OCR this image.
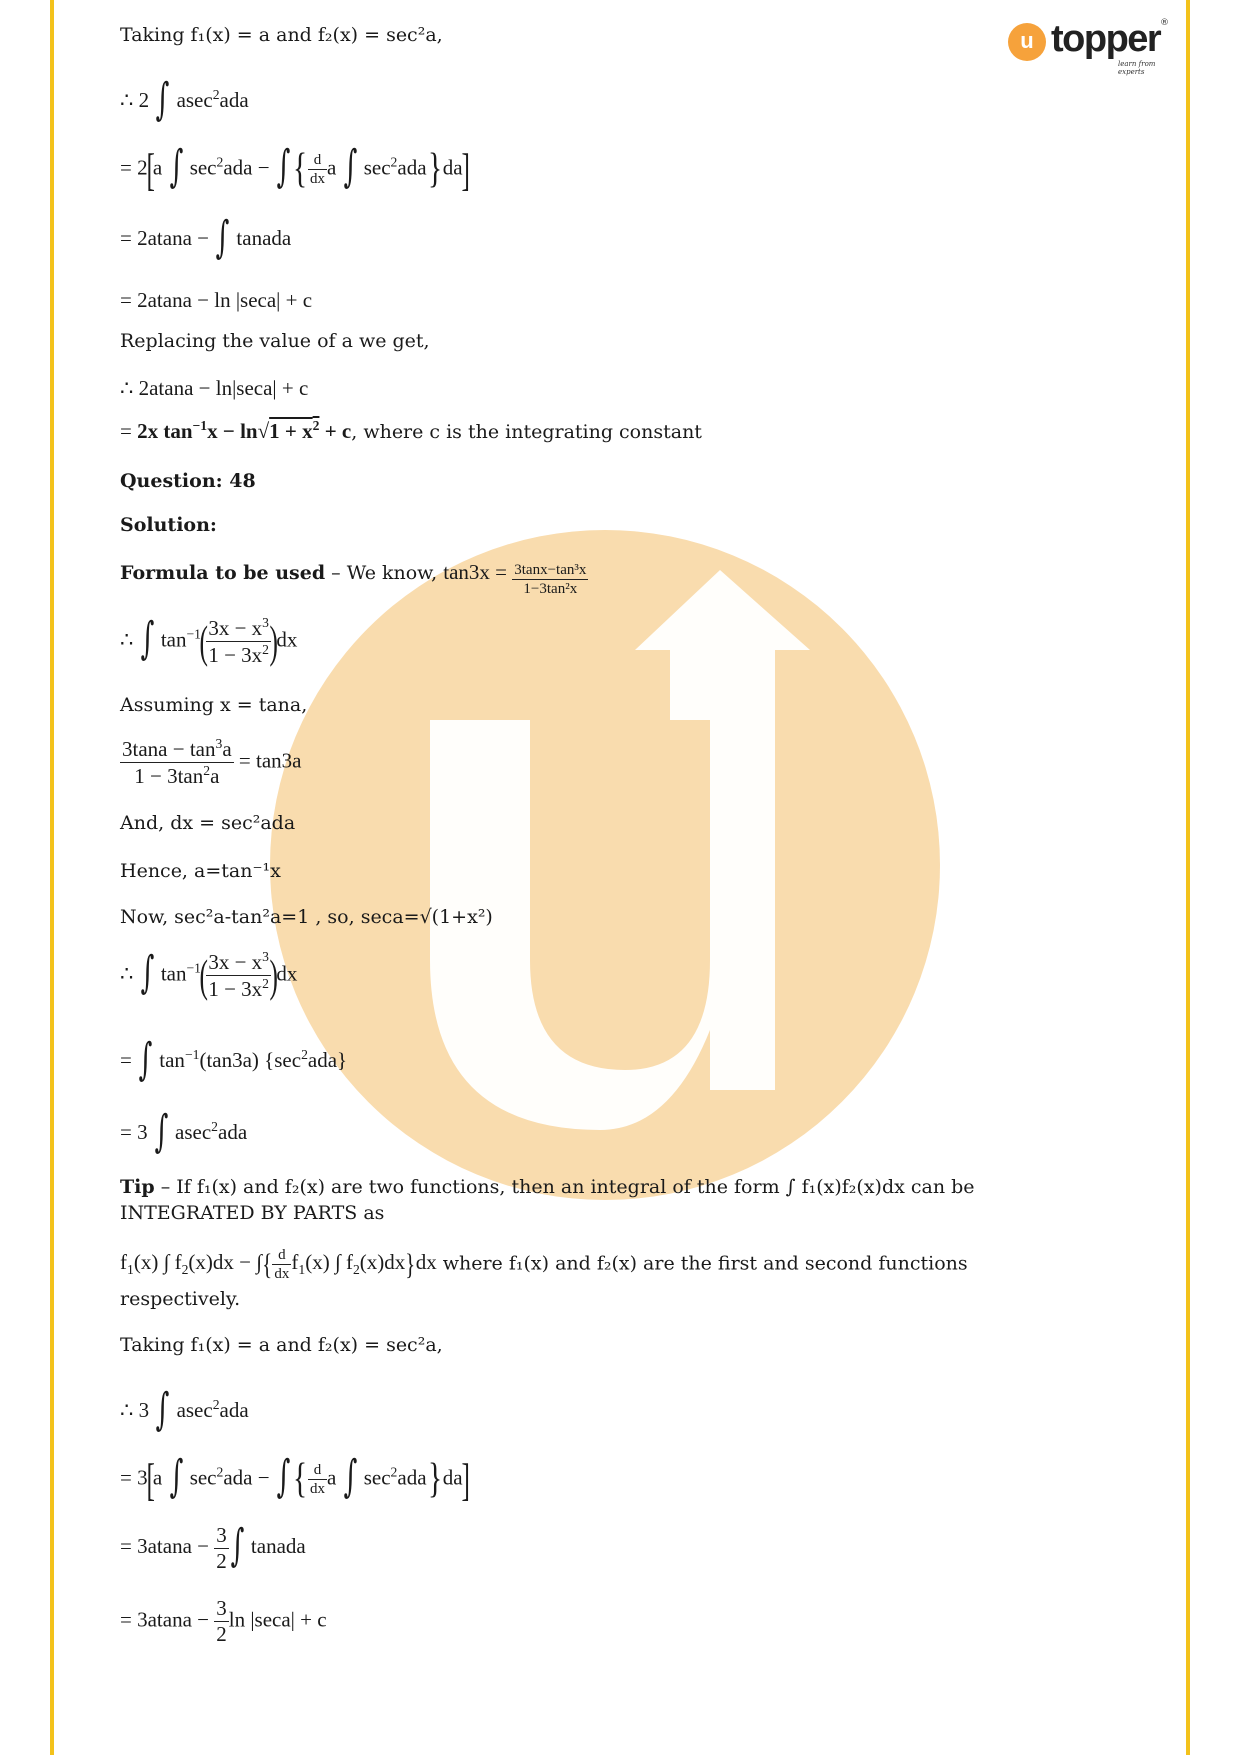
u topper ®
learn from experts
Taking f₁(x) = a and f₂(x) = sec²a,
∴ 2 ∫ asec$^2$ada
= 2[a ∫ $\sec^2ada$ − ∫{ $\frac{d}{dx}$ a ∫ $\sec^2ada\}da$]
= 2atana − ∫ tanada
= 2atana − ln |seca| + c
Replacing the value of a we get,
∴ 2atana − ln|seca| + c
= 2x $\tan^{-1}x - \ln√1 + x^2 + c$, where c is the integrating constant
Question: 48
Solution:
Formula to be used – We know, $\tan 3x = \frac{\text{3tanx−tan³x}}{\text{1−3tan²x}}$
∴ ∫ $\tan^{-1}$(
$\frac{3x - x^3}{1 - 3x^2}$
)dx
Assuming x = tana,
$\frac{3\tan a - \tan^3a}{1 - 3\tan^2a} = \tan 3a$
And, dx = sec²ada
Hence, a=tan⁻¹x
Now, sec²a-tan²a=1 , so, seca=√(1+x²)
∴ ∫ $\tan^{-1}$(
$\frac{3x - x^3}{1 - 3x^2}$
)dx
= ∫ $\tan^{-1}(\tan 3a)$ $\{\sec^2ada\}$
= 3 ∫ asec$^2$ada
Tip – If f₁(x) and f₂(x) are two functions, then an integral of the form ∫ f₁(x)f₂(x)dx can be
INTEGRATED BY PARTS as
$f_1(x)$ ∫ $f_2(x)dx$ − ∫{ $\frac{d}{dx} f_1(x)$ ∫ $f_2(x)dx\}dx$ where f₁(x) and f₂(x) are the first and second functions
respectively.
Taking f₁(x) = a and f₂(x) = sec²a,
∴ 3 ∫ asec$^2$ada
= 3[a ∫ $\sec^2ada$ − ∫{ $\frac{d}{dx}$ a ∫ $\sec^2ada\}da$]
= $3atana - \frac{3}{2}$ ∫ tanada
= $3atana - \frac{3}{2}$ ln |seca| + c
